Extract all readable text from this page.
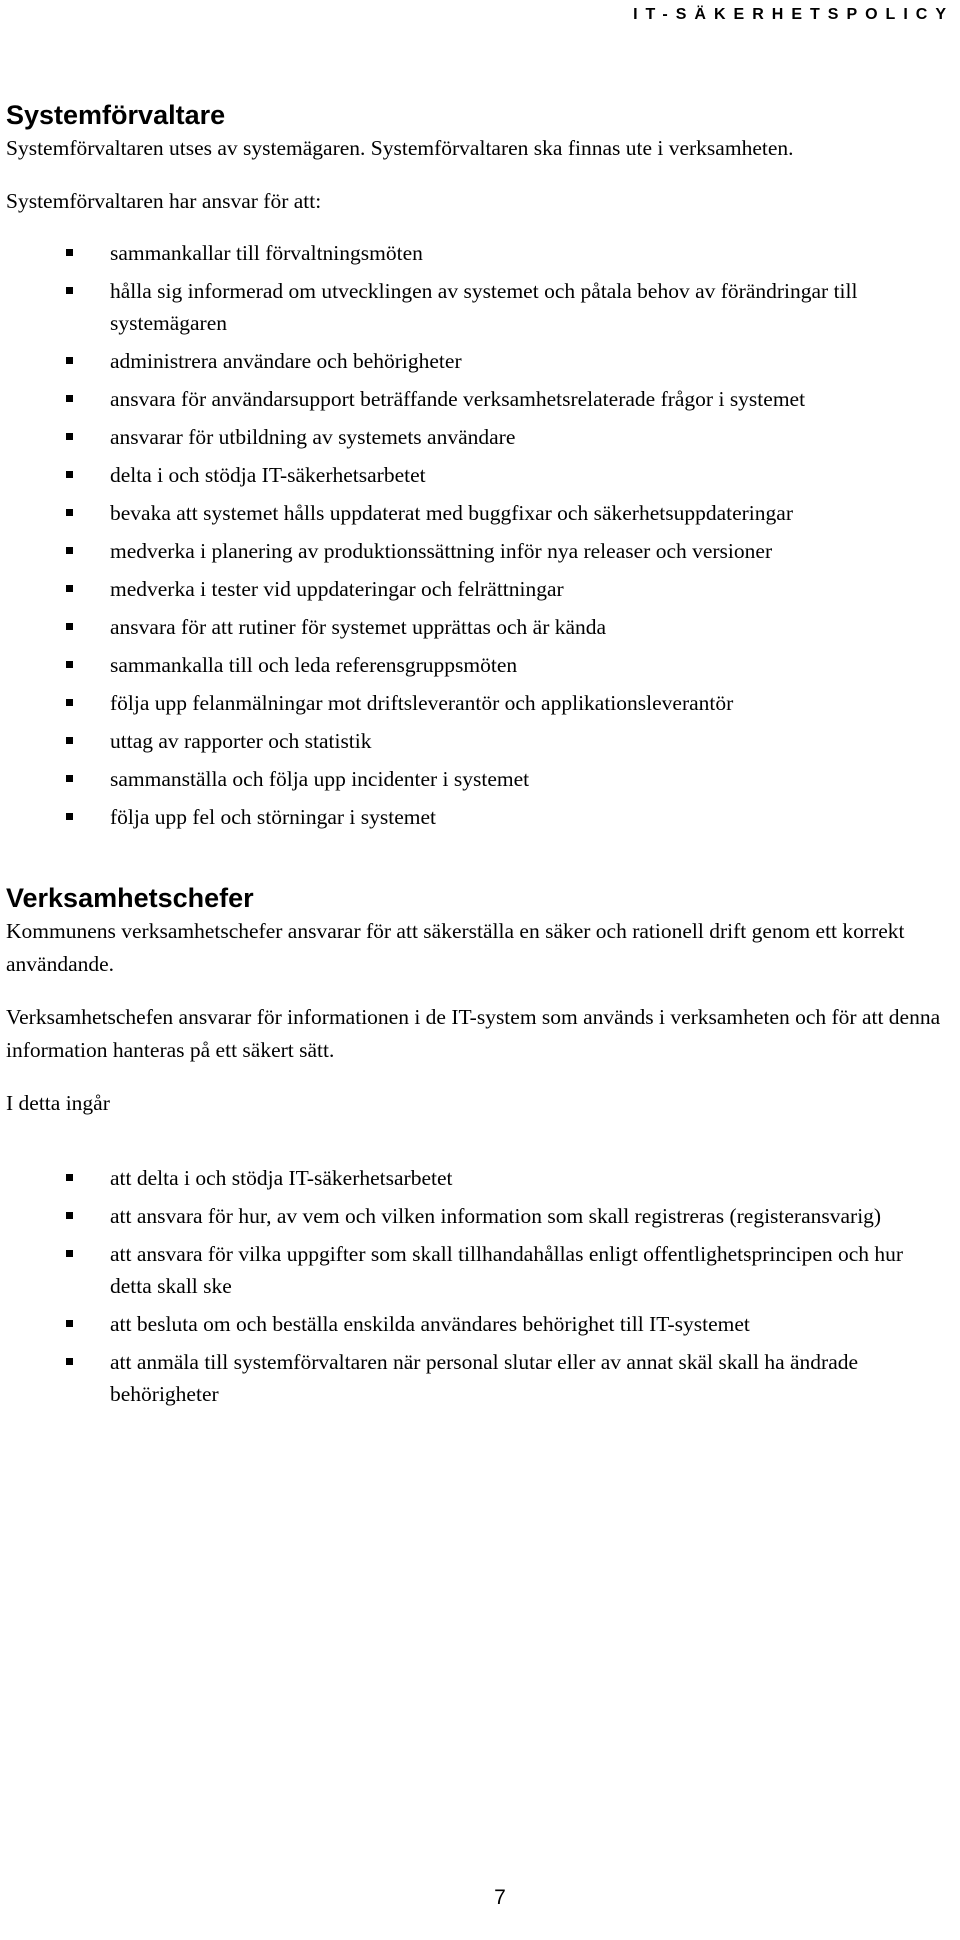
IT-SÄKERHETSPOLICY
Systemförvaltare

Systemförvaltaren utses av systemägaren. Systemförvaltaren ska finnas ute i verksamheten.

Systemförvaltaren har ansvar för att:

sammankallar till förvaltningsmöten
hålla sig informerad om utvecklingen av systemet och påtala behov av förändringar till systemägaren
administrera användare och behörigheter
ansvara för användarsupport beträffande verksamhetsrelaterade frågor i systemet
ansvarar för utbildning av systemets användare
delta i och stödja IT-säkerhetsarbetet
bevaka att systemet hålls uppdaterat med buggfixar och säkerhetsuppdateringar
medverka i planering av produktionssättning inför nya releaser och versioner
medverka i tester vid uppdateringar och felrättningar
ansvara för att rutiner för systemet upprättas och är kända
sammankalla till och leda referensgruppsmöten
följa upp felanmälningar mot driftsleverantör och applikationsleverantör
uttag av rapporter och statistik
sammanställa och följa upp incidenter i systemet
följa upp fel och störningar i systemet
Verksamhetschefer

Kommunens verksamhetschefer ansvarar för att säkerställa en säker och rationell drift genom ett korrekt användande.

Verksamhetschefen ansvarar för informationen i de IT-system som används i verksamheten och för att denna information hanteras på ett säkert sätt.

I detta ingår

att delta i och stödja IT-säkerhetsarbetet
att ansvara för hur, av vem och vilken information som skall registreras (registeransvarig)
att ansvara för vilka uppgifter som skall tillhandahållas enligt offentlighetsprincipen och hur detta skall ske
att besluta om och beställa enskilda användares behörighet till IT-systemet
att anmäla till systemförvaltaren när personal slutar eller av annat skäl skall ha ändrade behörigheter
7
